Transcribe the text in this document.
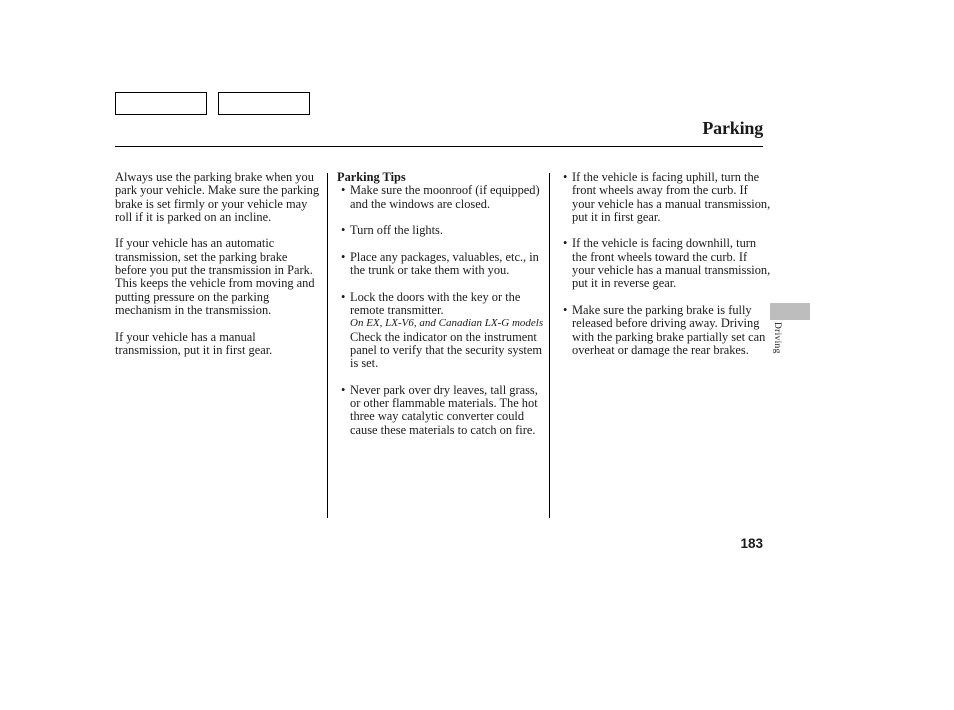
Parking

Always use the parking brake when you park your vehicle. Make sure the parking brake is set firmly or your vehicle may roll if it is parked on an incline.

If your vehicle has an automatic transmission, set the parking brake before you put the transmission in Park. This keeps the vehicle from moving and putting pressure on the parking mechanism in the transmission.

If your vehicle has a manual transmission, put it in first gear.

Parking Tips
• Make sure the moonroof (if equipped) and the windows are closed.
• Turn off the lights.
• Place any packages, valuables, etc., in the trunk or take them with you.
• Lock the doors with the key or the remote transmitter.
On EX, LX-V6, and Canadian LX-G models
Check the indicator on the instrument panel to verify that the security system is set.
• Never park over dry leaves, tall grass, or other flammable materials. The hot three way catalytic converter could cause these materials to catch on fire.
• If the vehicle is facing uphill, turn the front wheels away from the curb. If your vehicle has a manual transmission, put it in first gear.
• If the vehicle is facing downhill, turn the front wheels toward the curb. If your vehicle has a manual transmission, put it in reverse gear.
• Make sure the parking brake is fully released before driving away. Driving with the parking brake partially set can overheat or damage the rear brakes.	Driving
183
